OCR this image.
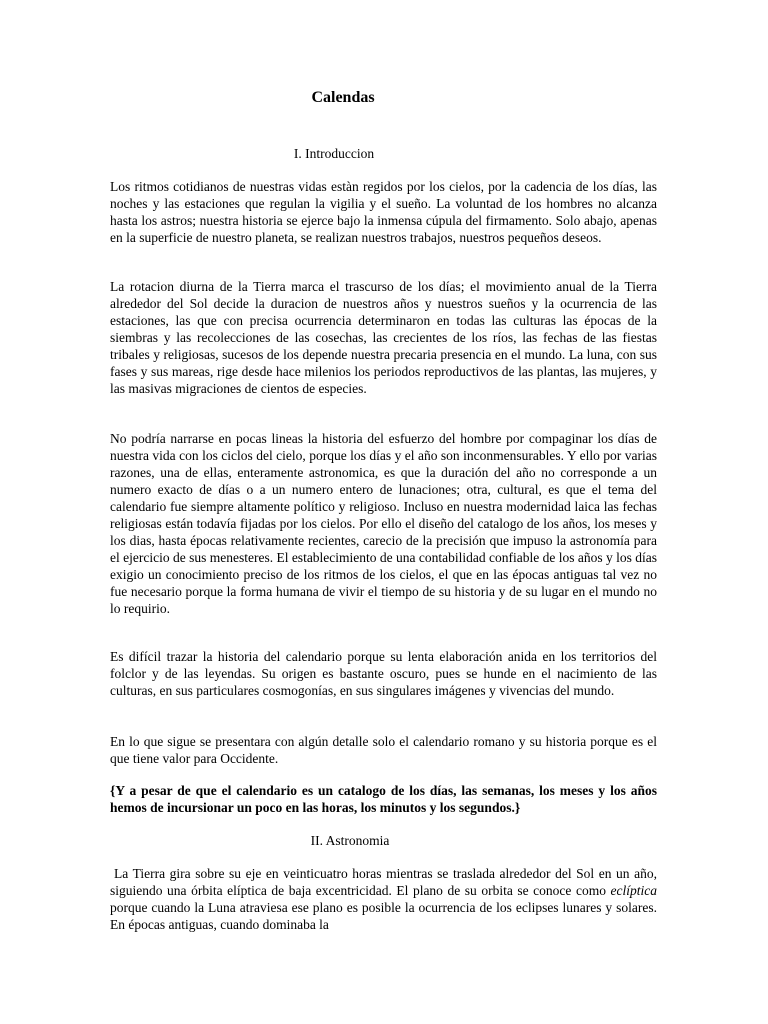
Calendas
I. Introduccion

Los ritmos cotidianos de nuestras vidas estàn regidos por los cielos, por la cadencia de los días, las noches y las estaciones que regulan la vigilia y el sueño. La voluntad de los hombres no alcanza hasta los astros; nuestra historia se ejerce bajo la inmensa cúpula del firmamento. Solo abajo, apenas en la superficie de nuestro planeta, se realizan nuestros trabajos, nuestros pequeños deseos.

La rotacion diurna de la Tierra marca el trascurso de los días; el movimiento anual de la Tierra alrededor del Sol decide la duracion de nuestros años y nuestros sueños y la ocurrencia de las estaciones, las que con precisa ocurrencia determinaron en todas las culturas las épocas de la siembras y las recolecciones de las cosechas, las crecientes de los ríos, las fechas de las fiestas tribales y religiosas, sucesos de los depende nuestra precaria presencia en el mundo. La luna, con sus fases y sus mareas, rige desde hace milenios los periodos reproductivos de las plantas, las mujeres, y las masivas migraciones de cientos de especies.

No podría narrarse en pocas lineas la historia del esfuerzo del hombre por compaginar los días de nuestra vida con los ciclos del cielo, porque los días y el año son inconmensurables. Y ello por varias razones, una de ellas, enteramente astronomica, es que la duración del año no corresponde a un numero exacto de días o a un numero entero de lunaciones; otra, cultural, es que el tema del calendario fue siempre altamente político y religioso. Incluso en nuestra modernidad laica las fechas religiosas están todavía fijadas por los cielos. Por ello el diseño del catalogo de los años, los meses y los dias, hasta épocas relativamente recientes, carecio de la precisión que impuso la astronomía para el ejercicio de sus menesteres. El establecimiento de una contabilidad confiable de los años y los días exigio un conocimiento preciso de los ritmos de los cielos, el que en las épocas antiguas tal vez no fue necesario porque la forma humana de vivir el tiempo de su historia y de su lugar en el mundo no lo requirio.

Es difícil trazar la historia del calendario porque su lenta elaboración anida en los territorios del folclor y de las leyendas. Su origen es bastante oscuro, pues se hunde en el nacimiento de las culturas, en sus particulares cosmogonías, en sus singulares imágenes y vivencias del mundo.

En lo que sigue se presentara con algún detalle solo el calendario romano y su historia porque es el que tiene valor para Occidente.

{Y a pesar de que el calendario es un catalogo de los días, las semanas, los meses y los años hemos de incursionar un poco en las horas, los minutos y los segundos.}

II. Astronomia

La Tierra gira sobre su eje en veinticuatro horas mientras se traslada alrededor del Sol en un año, siguiendo una órbita elíptica de baja excentricidad. El plano de su orbita se conoce como eclíptica porque cuando la Luna atraviesa ese plano es posible la ocurrencia de los eclipses lunares y solares. En épocas antiguas, cuando dominaba la
